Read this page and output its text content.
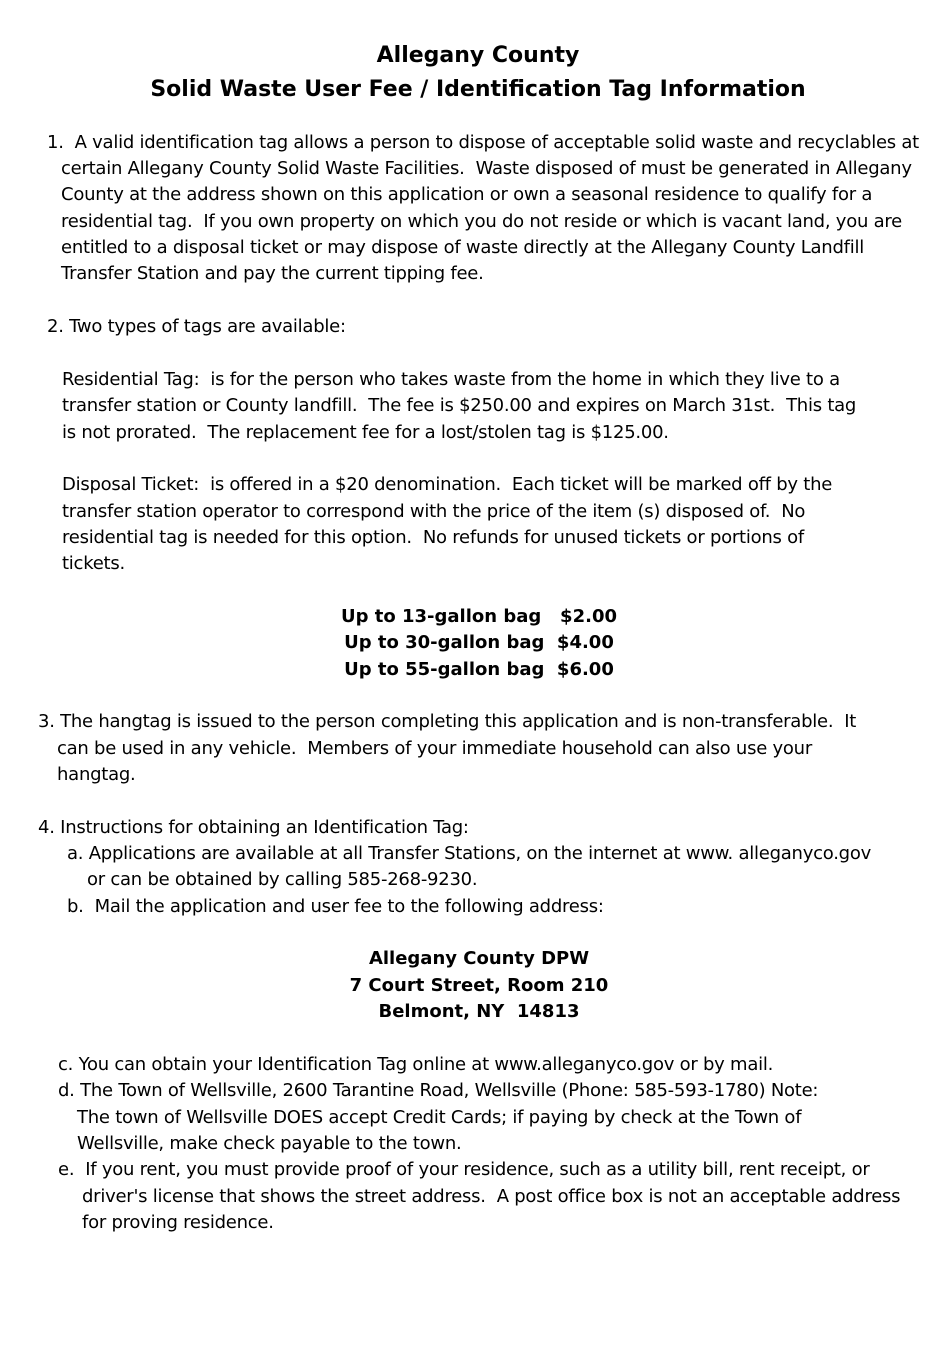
Allegany County
Solid Waste User Fee / Identification Tag Information
1.  A valid identification tag allows a person to dispose of acceptable solid waste and recyclables at
certain Allegany County Solid Waste Facilities.  Waste disposed of must be generated in Allegany
County at the address shown on this application or own a seasonal residence to qualify for a
residential tag.  If you own property on which you do not reside or which is vacant land, you are
entitled to a disposal ticket or may dispose of waste directly at the Allegany County Landfill
Transfer Station and pay the current tipping fee.
2. Two types of tags are available:
Residential Tag:  is for the person who takes waste from the home in which they live to a
transfer station or County landfill.  The fee is $250.00 and expires on March 31st.  This tag
is not prorated.  The replacement fee for a lost/stolen tag is $125.00.
Disposal Ticket:  is offered in a $20 denomination.  Each ticket will be marked off by the
transfer station operator to correspond with the price of the item (s) disposed of.  No
residential tag is needed for this option.  No refunds for unused tickets or portions of
tickets.
Up to 13-gallon bag   $2.00
Up to 30-gallon bag  $4.00
Up to 55-gallon bag  $6.00
3. The hangtag is issued to the person completing this application and is non-transferable.  It
can be used in any vehicle.  Members of your immediate household can also use your
hangtag.
4. Instructions for obtaining an Identification Tag:
a. Applications are available at all Transfer Stations, on the internet at www. alleganyco.gov
or can be obtained by calling 585-268-9230.
b.  Mail the application and user fee to the following address:
Allegany County DPW
7 Court Street, Room 210
Belmont, NY  14813
c. You can obtain your Identification Tag online at www.alleganyco.gov or by mail.
d. The Town of Wellsville, 2600 Tarantine Road, Wellsville (Phone: 585-593-1780) Note:
The town of Wellsville DOES accept Credit Cards; if paying by check at the Town of
Wellsville, make check payable to the town.
e.  If you rent, you must provide proof of your residence, such as a utility bill, rent receipt, or
driver's license that shows the street address.  A post office box is not an acceptable address
for proving residence.
